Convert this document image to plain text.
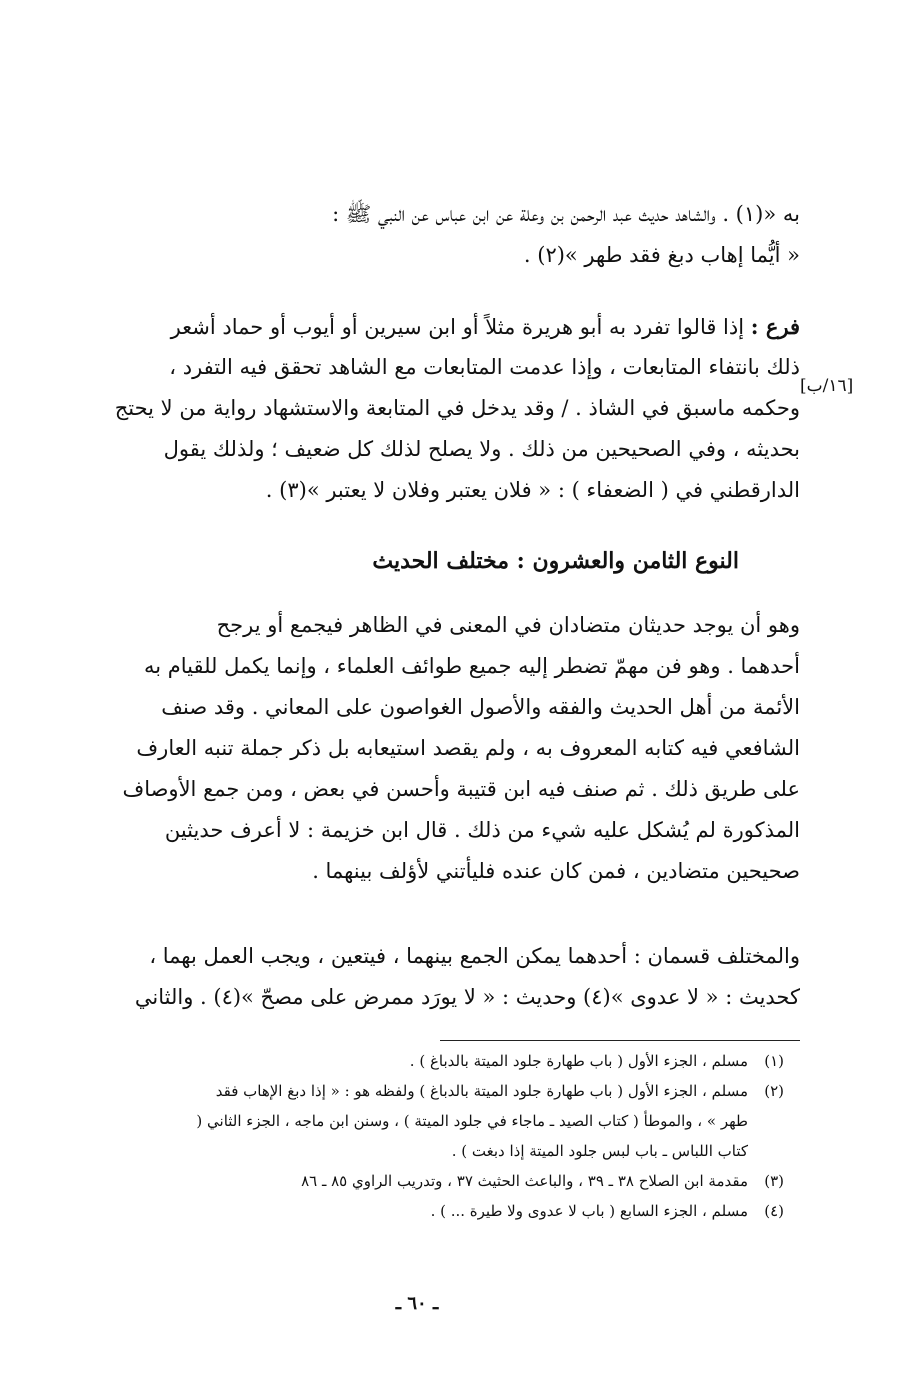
به «(١) . والشاهد حديث عبد الرحمن بن وعلة عن ابن عباس عن النبي ﷺ :
« أيُّما إهاب دبغ فقد طهر »(٢) .
فرع : إذا قالوا تفرد به أبو هريرة مثلاً أو ابن سيرين أو أيوب أو حماد أشعر
ذلك بانتفاء المتابعات ، وإذا عدمت المتابعات مع الشاهد تحقق فيه التفرد ،
وحكمه ماسبق في الشاذ . / وقد يدخل في المتابعة والاستشهاد رواية من لا يحتج
بحديثه ، وفي الصحيحين من ذلك . ولا يصلح لذلك كل ضعيف ؛ ولذلك يقول
الدارقطني في ( الضعفاء ) : « فلان يعتبر وفلان لا يعتبر »(٣) .
[١٦/ب]
النوع الثامن والعشرون : مختلف الحديث
وهو أن يوجد حديثان متضادان في المعنى في الظاهر فيجمع أو يرجح
أحدهما . وهو فن مهمّ تضطر إليه جميع طوائف العلماء ، وإنما يكمل للقيام به
الأئمة من أهل الحديث والفقه والأصول الغواصون على المعاني . وقد صنف
الشافعي فيه كتابه المعروف به ، ولم يقصد استيعابه بل ذكر جملة تنبه العارف
على طريق ذلك . ثم صنف فيه ابن قتيبة وأحسن في بعض ، ومن جمع الأوصاف
المذكورة لم يُشكل عليه شيء من ذلك . قال ابن خزيمة : لا أعرف حديثين
صحيحين متضادين ، فمن كان عنده فليأتني لأؤلف بينهما .
والمختلف قسمان : أحدهما يمكن الجمع بينهما ، فيتعين ، ويجب العمل بهما ،
كحديث : « لا عدوى »(٤) وحديث : « لا يورَد ممرض على مصحّ »(٤) . والثاني
(١)
مسلم ، الجزء الأول ( باب طهارة جلود الميتة بالدباغ ) .
(٢)
مسلم ، الجزء الأول ( باب طهارة جلود الميتة بالدباغ ) ولفظه هو : « إذا دبغ الإهاب فقد طهر » ، والموطأ ( كتاب الصيد ـ ماجاء في جلود الميتة ) ، وسنن ابن ماجه ، الجزء الثاني ( كتاب اللباس ـ باب لبس جلود الميتة إذا دبغت ) .
(٣)
مقدمة ابن الصلاح ٣٨ ـ ٣٩ ، والباعث الحثيث ٣٧ ، وتدريب الراوي ٨٥ ـ ٨٦
(٤)
مسلم ، الجزء السابع ( باب لا عدوى ولا طيرة ... ) .
ـ ٦٠ ـ
